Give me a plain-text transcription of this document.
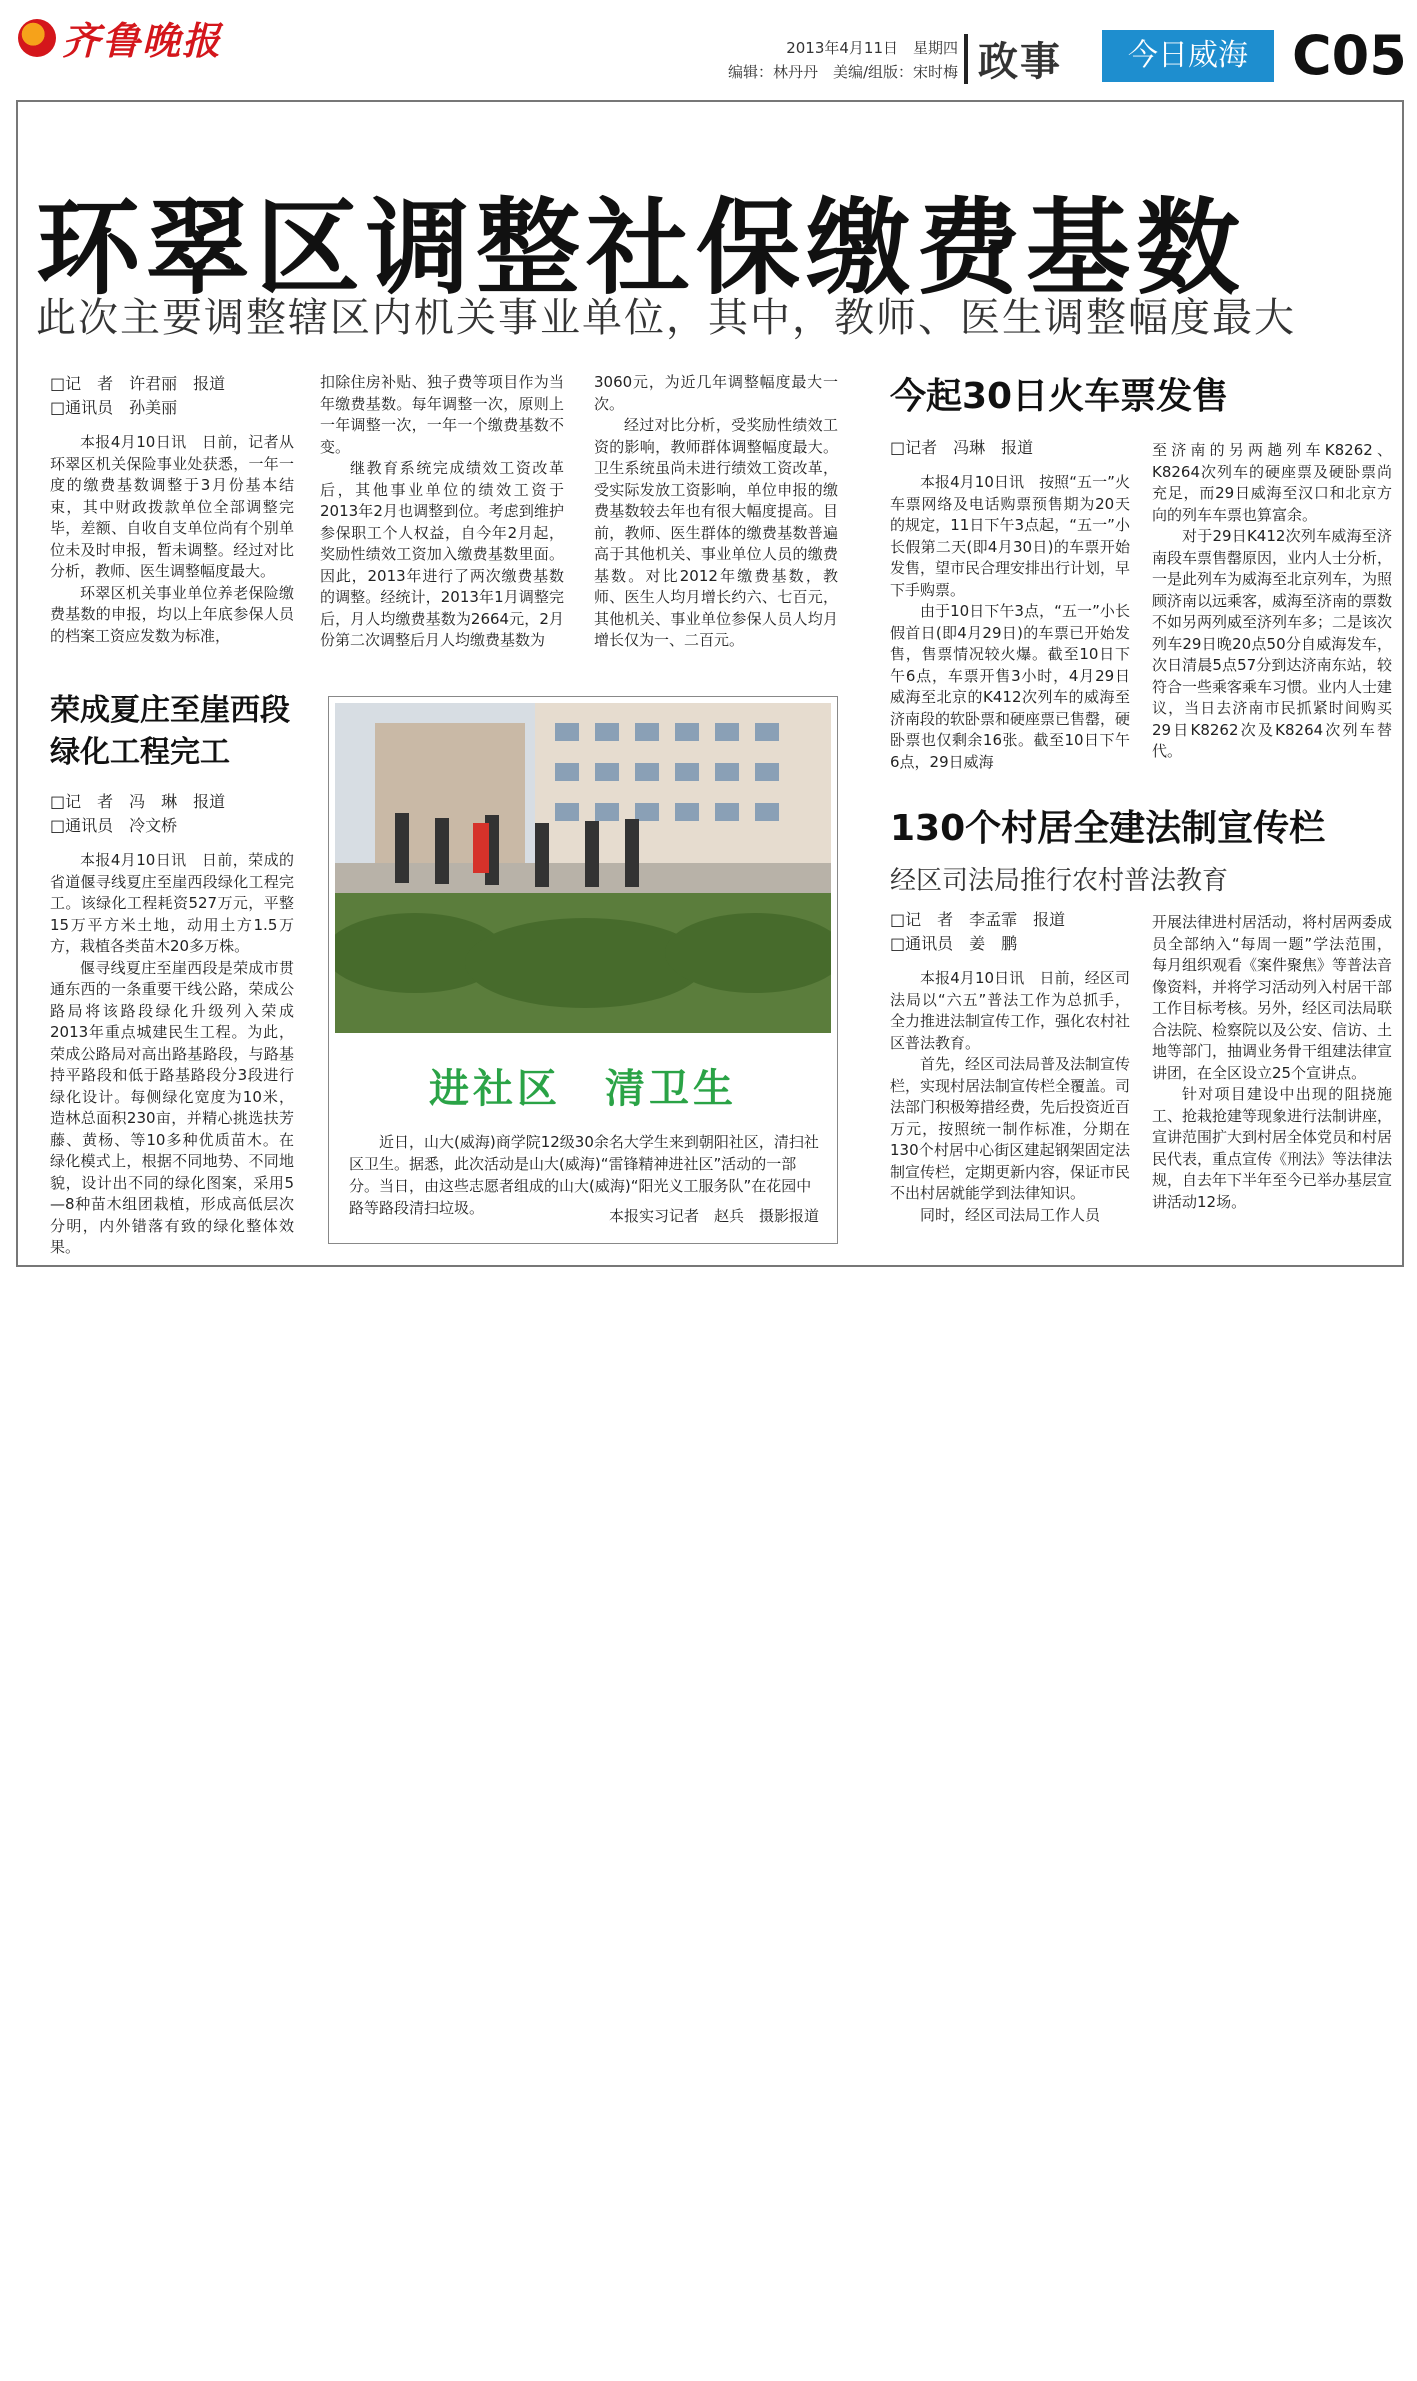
齐鲁晚报	2013年4月11日　星期四
编辑：林丹丹　美编/组版：宋时梅 政事	今日威海 C05
环翠区调整社保缴费基数
此次主要调整辖区内机关事业单位，其中，教师、医生调整幅度最大
□记　者　许君丽　报道
□通讯员　孙美丽

本报4月10日讯　日前，记者从环翠区机关保险事业处获悉，一年一度的缴费基数调整于3月份基本结束，其中财政拨款单位全部调整完毕，差额、自收自支单位尚有个别单位未及时申报，暂未调整。经过对比分析，教师、医生调整幅度最大。

环翠区机关事业单位养老保险缴费基数的申报，均以上年底参保人员的档案工资应发数为标准，

扣除住房补贴、独子费等项目作为当年缴费基数。每年调整一次，原则上一年调整一次，一年一个缴费基数不变。

继教育系统完成绩效工资改革后，其他事业单位的绩效工资于2013年2月也调整到位。考虑到维护参保职工个人权益，自今年2月起，奖励性绩效工资加入缴费基数里面。因此，2013年进行了两次缴费基数的调整。经统计，2013年1月调整完后，月人均缴费基数为2664元，2月份第二次调整后月人均缴费基数为

3060元，为近几年调整幅度最大一次。

经过对比分析，受奖励性绩效工资的影响，教师群体调整幅度最大。卫生系统虽尚未进行绩效工资改革，受实际发放工资影响，单位申报的缴费基数较去年也有很大幅度提高。目前，教师、医生群体的缴费基数普遍高于其他机关、事业单位人员的缴费基数。对比2012年缴费基数，教师、医生人均月增长约六、七百元，其他机关、事业单位参保人员人均月增长仅为一、二百元。

荣成夏庄至崖西段
绿化工程完工
□记　者　冯　琳　报道
□通讯员　冷文桥

本报4月10日讯　日前，荣成的省道偃寻线夏庄至崖西段绿化工程完工。该绿化工程耗资527万元，平整15万平方米土地，动用土方1.5万方，栽植各类苗木20多万株。

偃寻线夏庄至崖西段是荣成市贯通东西的一条重要干线公路，荣成公路局将该路段绿化升级列入荣成2013年重点城建民生工程。为此，荣成公路局对高出路基路段，与路基持平路段和低于路基路段分3段进行绿化设计。每侧绿化宽度为10米，造林总面积230亩，并精心挑选扶芳藤、黄杨、等10多种优质苗木。在绿化模式上，根据不同地势、不同地貌，设计出不同的绿化图案，采用5—8种苗木组团栽植，形成高低层次分明，内外错落有致的绿化整体效果。

进社区　清卫生
近日，山大(威海)商学院12级30余名大学生来到朝阳社区，清扫社区卫生。据悉，此次活动是山大(威海)“雷锋精神进社区”活动的一部分。当日，由这些志愿者组成的山大(威海)“阳光义工服务队”在花园中路等路段清扫垃圾。	本报实习记者　赵兵　摄影报道
今起30日火车票发售
□记者　冯琳　报道

本报4月10日讯　按照“五一”火车票网络及电话购票预售期为20天的规定，11日下午3点起，“五一”小长假第二天(即4月30日)的车票开始发售，望市民合理安排出行计划，早下手购票。

由于10日下午3点，“五一”小长假首日(即4月29日)的车票已开始发售，售票情况较火爆。截至10日下午6点，车票开售3小时，4月29日威海至北京的K412次列车的威海至济南段的软卧票和硬座票已售罄，硬卧票也仅剩余16张。截至10日下午6点，29日威海

至济南的另两趟列车K8262、K8264次列车的硬座票及硬卧票尚充足，而29日威海至汉口和北京方向的列车车票也算富余。

对于29日K412次列车威海至济南段车票售罄原因，业内人士分析，一是此列车为威海至北京列车，为照顾济南以远乘客，威海至济南的票数不如另两列威至济列车多；二是该次列车29日晚20点50分自威海发车，次日清晨5点57分到达济南东站，较符合一些乘客乘车习惯。业内人士建议，当日去济南市民抓紧时间购买29日K8262次及K8264次列车替代。

130个村居全建法制宣传栏
经区司法局推行农村普法教育
□记　者　李孟霏　报道
□通讯员　姜　鹏

本报4月10日讯　日前，经区司法局以“六五”普法工作为总抓手，全力推进法制宣传工作，强化农村社区普法教育。

首先，经区司法局普及法制宣传栏，实现村居法制宣传栏全覆盖。司法部门积极筹措经费，先后投资近百万元，按照统一制作标准，分期在130个村居中心街区建起钢架固定法制宣传栏，定期更新内容，保证市民不出村居就能学到法律知识。

同时，经区司法局工作人员

开展法律进村居活动，将村居两委成员全部纳入“每周一题”学法范围，每月组织观看《案件聚焦》等普法音像资料，并将学习活动列入村居干部工作目标考核。另外，经区司法局联合法院、检察院以及公安、信访、土地等部门，抽调业务骨干组建法律宣讲团，在全区设立25个宣讲点。

针对项目建设中出现的阻挠施工、抢栽抢建等现象进行法制讲座，宣讲范围扩大到村居全体党员和村居民代表，重点宣传《刑法》等法律法规，自去年下半年至今已举办基层宣讲活动12场。
